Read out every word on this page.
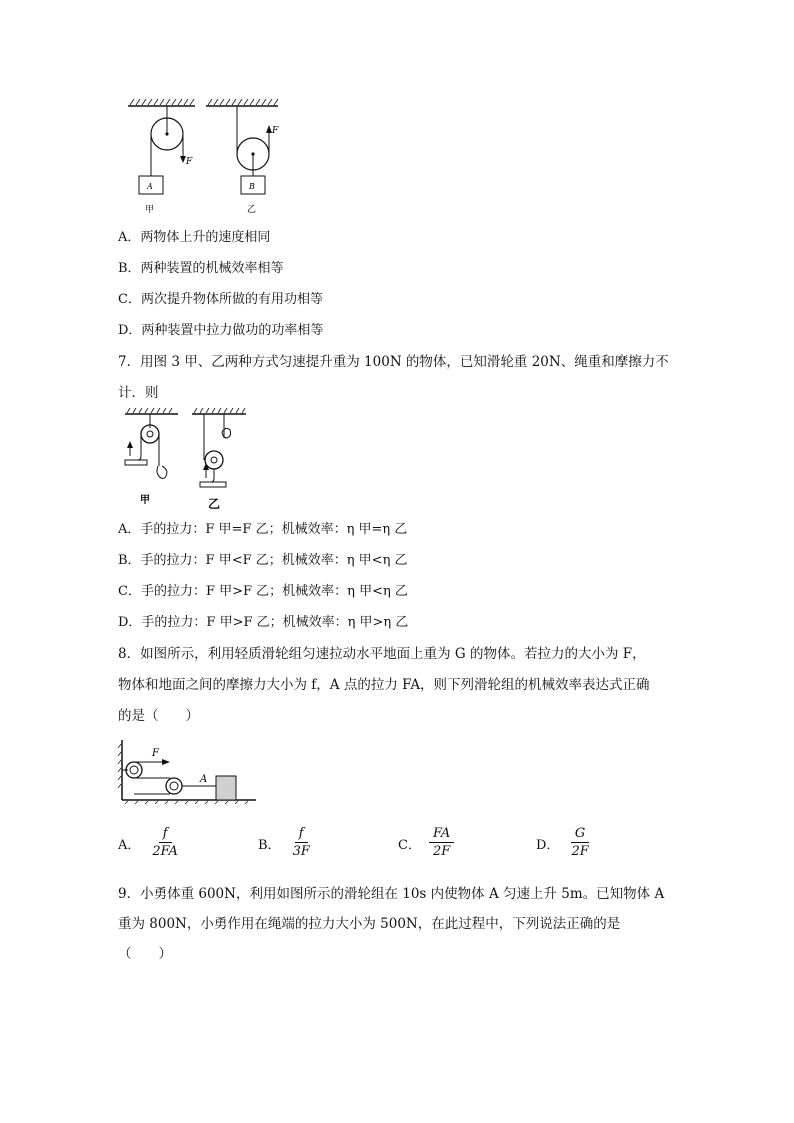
F
A
甲
F
B
乙
A．两物体上升的速度相同
B．两种装置的机械效率相等
C．两次提升物体所做的有用功相等
D．两种装置中拉力做功的功率相等
7．用图 3 甲、乙两种方式匀速提升重为 100N 的物体，已知滑轮重 20N、绳重和摩擦力不
计．则
甲	乙
A．手的拉力：F 甲=F 乙；机械效率：η 甲=η 乙
B．手的拉力：F 甲<F 乙；机械效率：η 甲<η 乙
C．手的拉力：F 甲>F 乙；机械效率：η 甲<η 乙
D．手的拉力：F 甲>F 乙；机械效率：η 甲>η 乙
8．如图所示，利用轻质滑轮组匀速拉动水平地面上重为 G 的物体。若拉力的大小为 F，
物体和地面之间的摩擦力大小为 f，A 点的拉力 FA，则下列滑轮组的机械效率表达式正确
的是（　　）
F
A
A． $\frac{f}{2FA}$	B． $\frac{f}{3F}$	C． $\frac{FA}{2F}$	D． $\frac{G}{2F}$
9．小勇体重 600N，利用如图所示的滑轮组在 10s 内使物体 A 匀速上升 5m。已知物体 A
重为 800N，小勇作用在绳端的拉力大小为 500N，在此过程中，下列说法正确的是
（　　）
